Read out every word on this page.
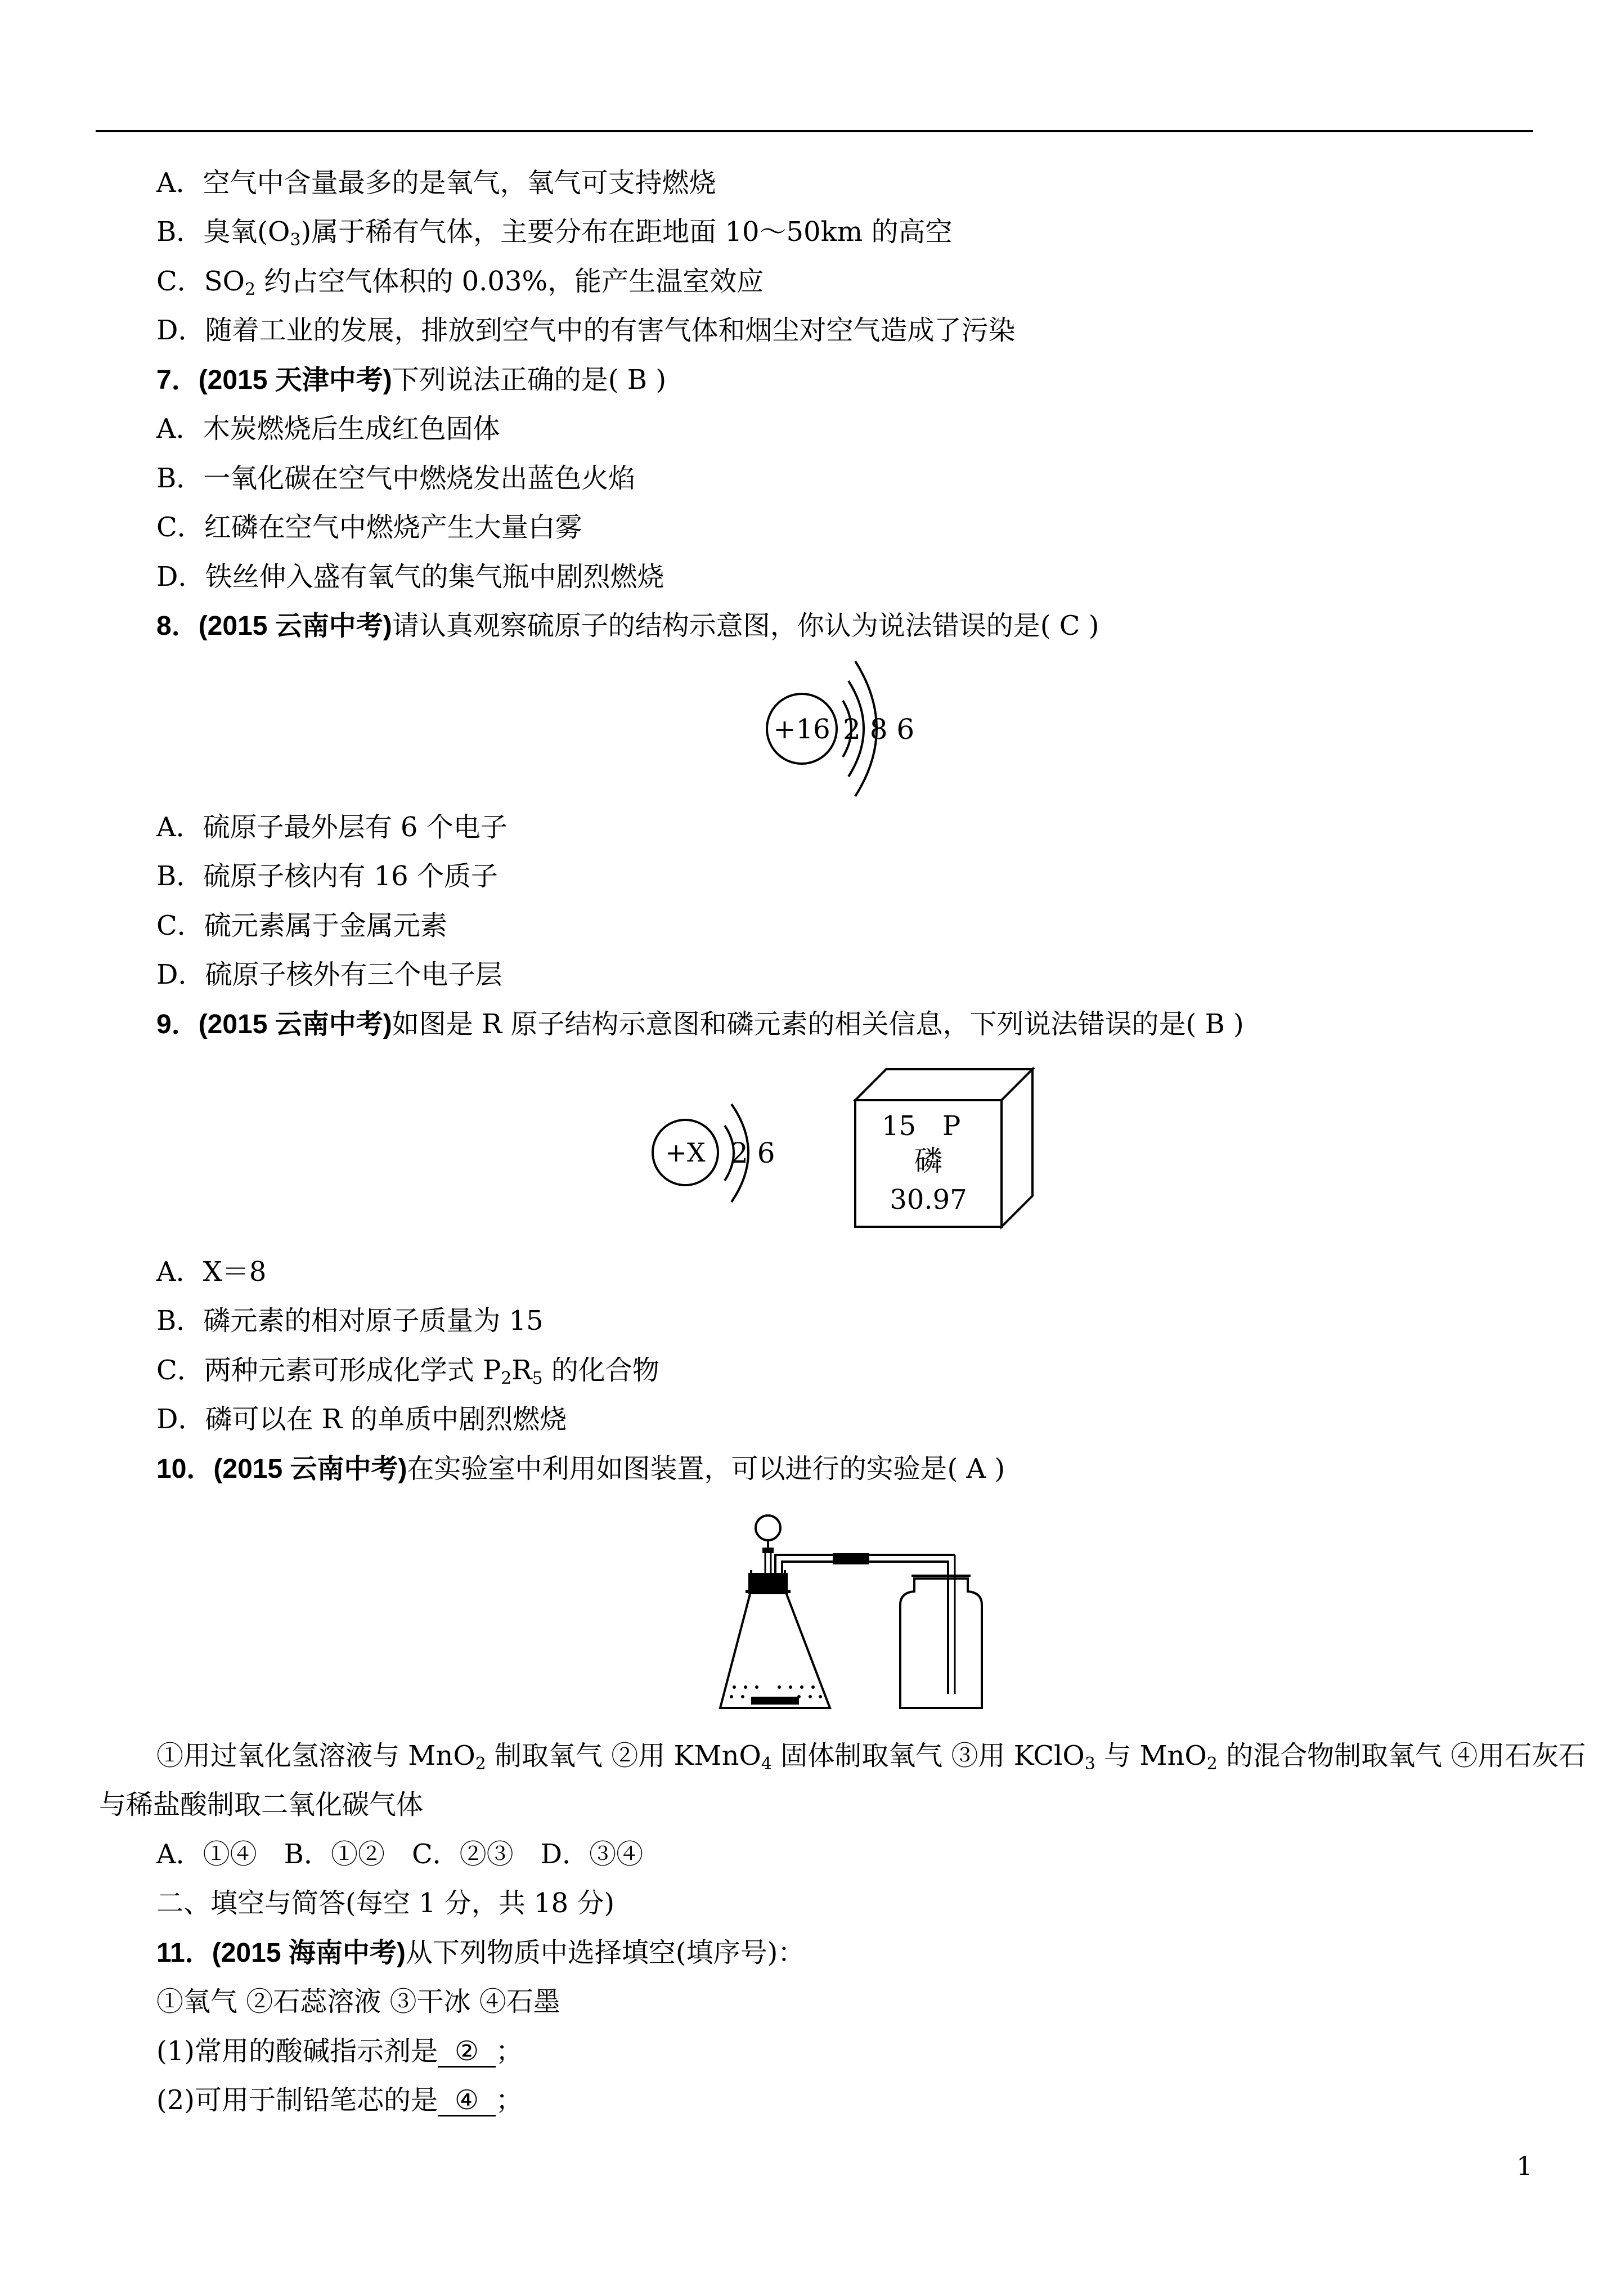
A．空气中含量最多的是氧气，氧气可支持燃烧
B．臭氧$(O_3)$属于稀有气体，主要分布在距地面 10～50km 的高空
C．$SO_2$ 约占空气体积的 0.03%，能产生温室效应
D．随着工业的发展，排放到空气中的有害气体和烟尘对空气造成了污染
7．(2015 天津中考)下列说法正确的是( B )
A．木炭燃烧后生成红色固体
B．一氧化碳在空气中燃烧发出蓝色火焰
C．红磷在空气中燃烧产生大量白雾
D．铁丝伸入盛有氧气的集气瓶中剧烈燃烧
8．(2015 云南中考)请认真观察硫原子的结构示意图，你认为说法错误的是( C )
+16 2 8 6
A．硫原子最外层有 6 个电子
B．硫原子核内有 16 个质子
C．硫元素属于金属元素
D．硫原子核外有三个电子层
9．(2015 云南中考)如图是 R 原子结构示意图和磷元素的相关信息，下列说法错误的是( B )
+X 2 6
15 P
磷
30.97
A．X＝8
B．磷元素的相对原子质量为 15
C．两种元素可形成化学式 $P_2R_5$ 的化合物
D．磷可以在 R 的单质中剧烈燃烧
10．(2015 云南中考)在实验室中利用如图装置，可以进行的实验是( A )
①用过氧化氢溶液与 MnO$_2$ 制取氧气 ②用 KMnO$_4$ 固体制取氧气 ③用 KClO$_3$ 与 MnO$_2$ 的混合物制取氧气 ④用石灰石
与稀盐酸制取二氧化碳气体
A．①④　B．①②　C．②③　D．③④
二、填空与简答(每空 1 分，共 18 分)
11．(2015 海南中考)从下列物质中选择填空(填序号)：
①氧气 ②石蕊溶液 ③干冰 ④石墨
(1)常用的酸碱指示剂是 ② ；
(2)可用于制铅笔芯的是 ④ ；
1
